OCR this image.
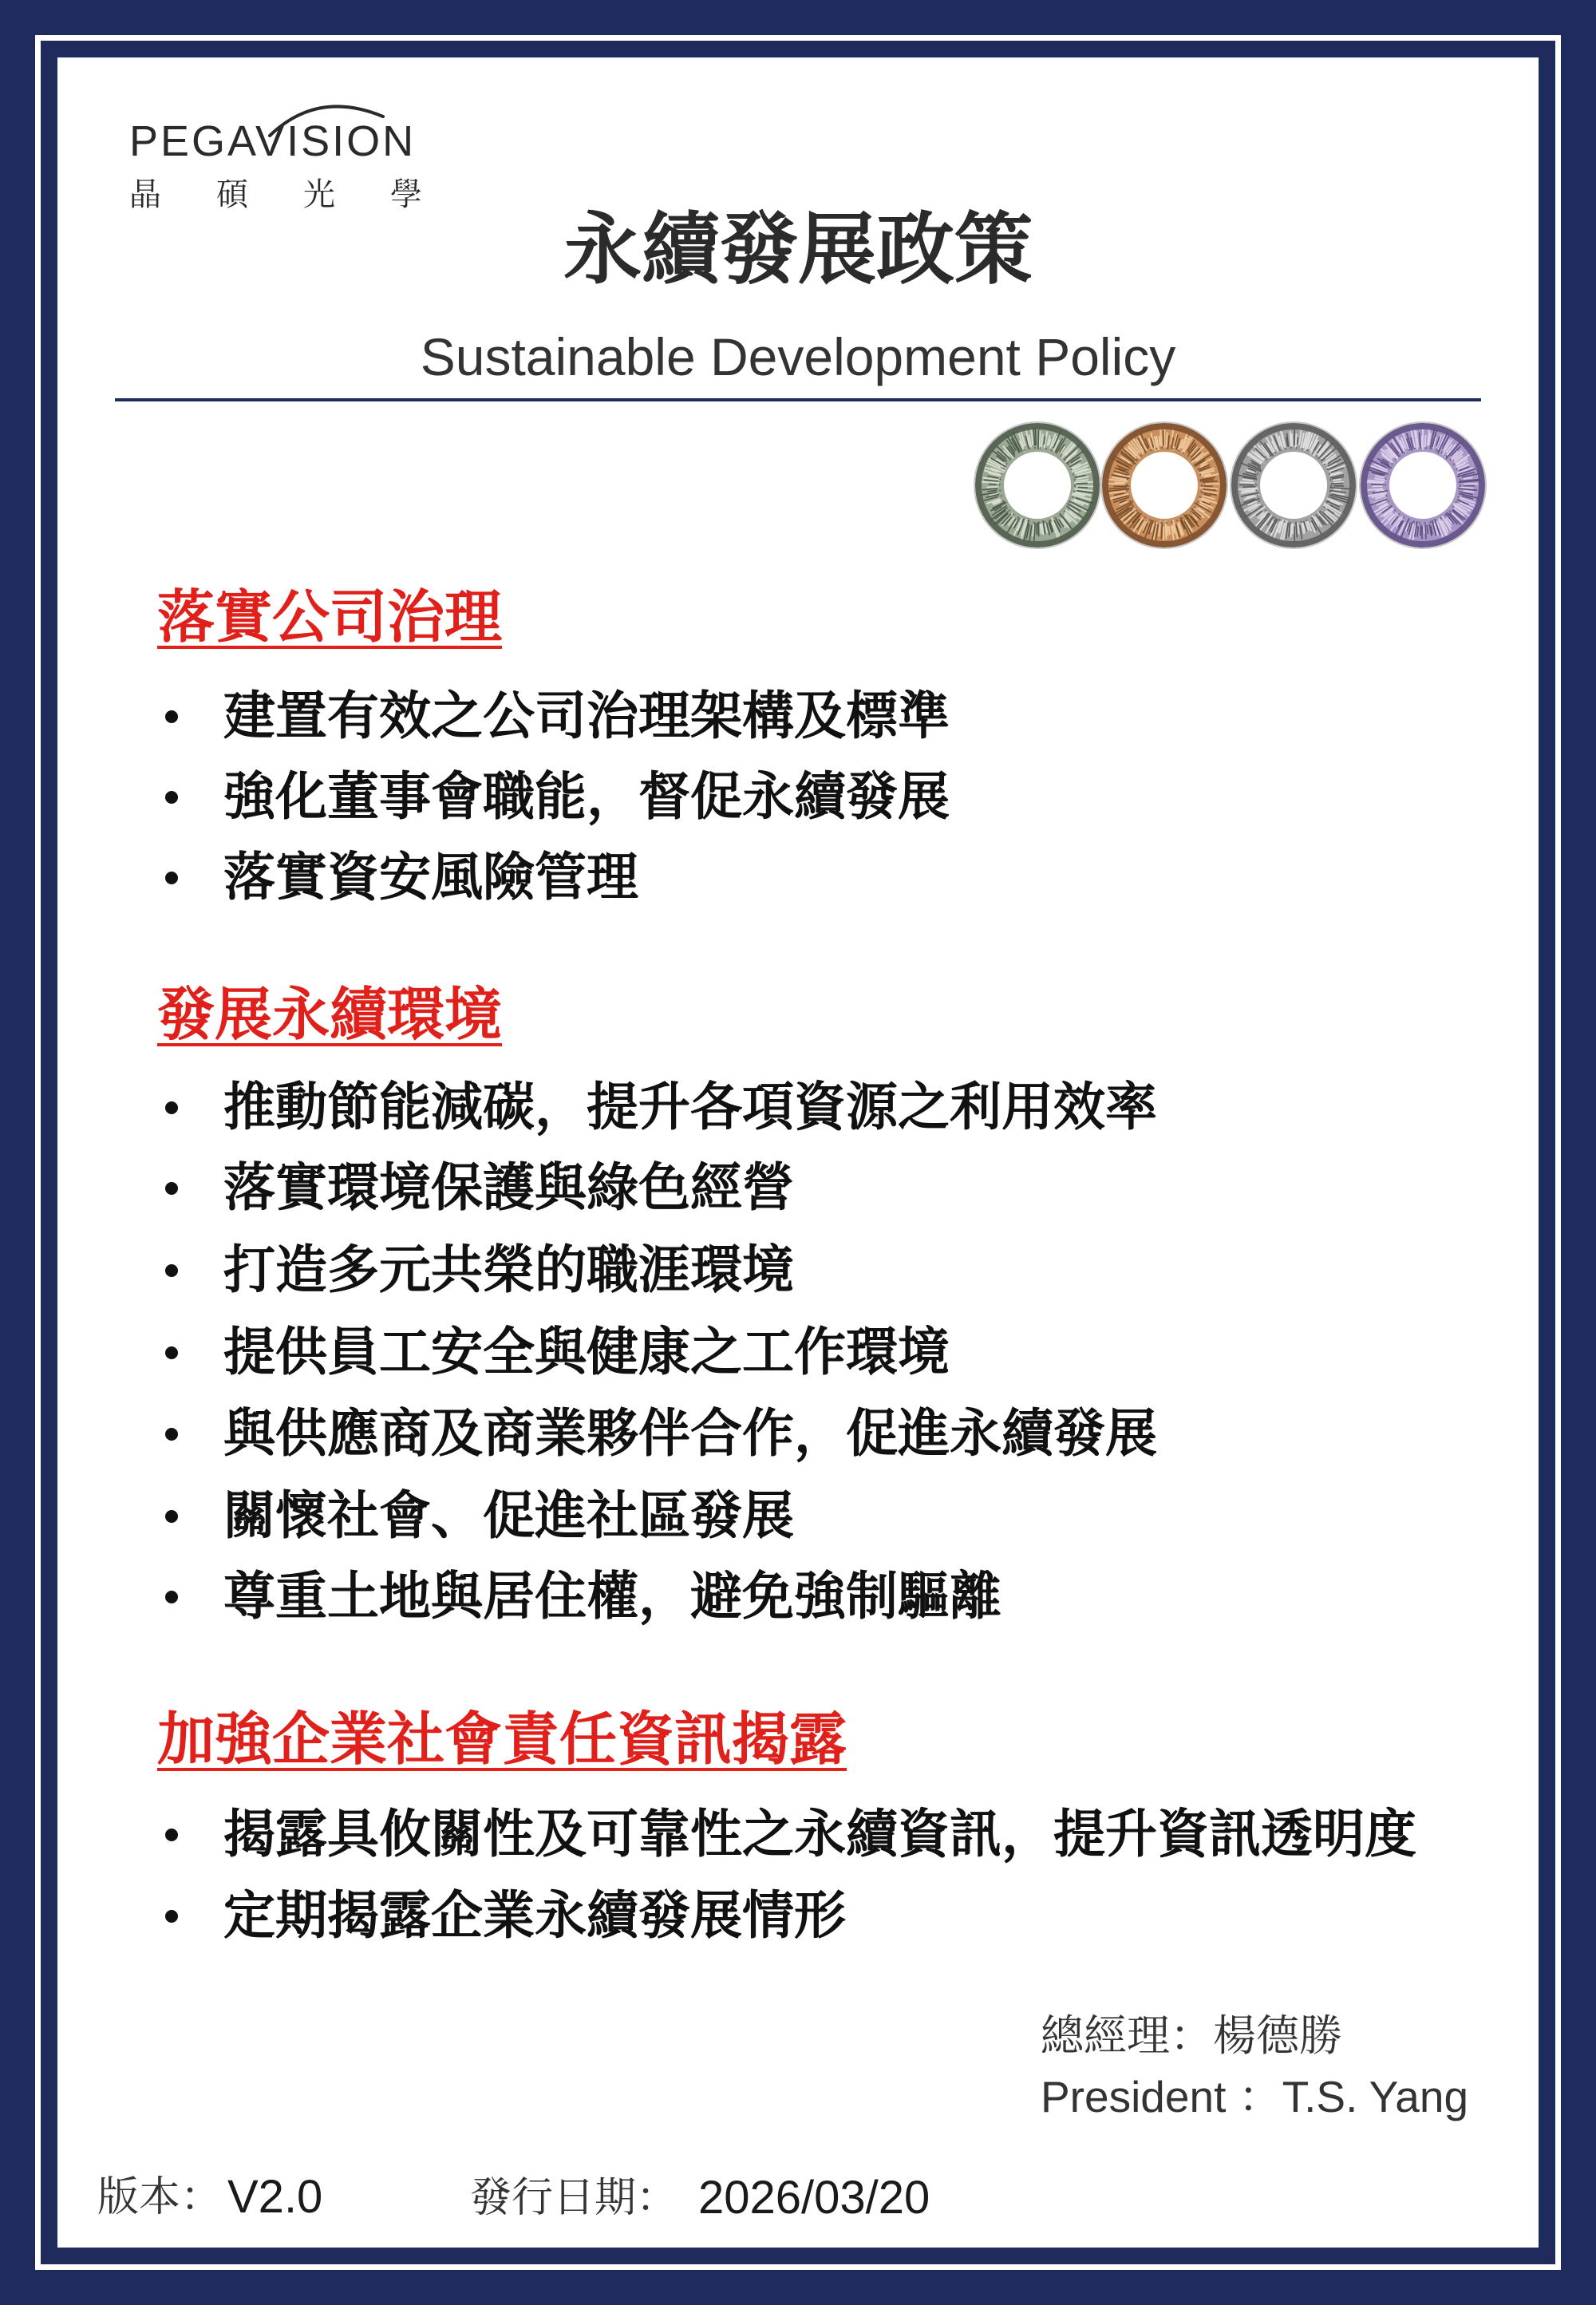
PEGAVISION
晶碩光學
永續發展政策
Sustainable Development Policy
落實公司治理
建置有效之公司治理架構及標準
強化董事會職能，督促永續發展
落實資安風險管理
發展永續環境
推動節能減碳，提升各項資源之利用效率
落實環境保護與綠色經營
打造多元共榮的職涯環境
提供員工安全與健康之工作環境
與供應商及商業夥伴合作，促進永續發展
關懷社會、促進社區發展
尊重土地與居住權，避免強制驅離
加強企業社會責任資訊揭露
揭露具攸關性及可靠性之永續資訊，提升資訊透明度
定期揭露企業永續發展情形
總經理：楊德勝
President ：T.S. Yang
版本： V2.0	發行日期： 2026/03/20
